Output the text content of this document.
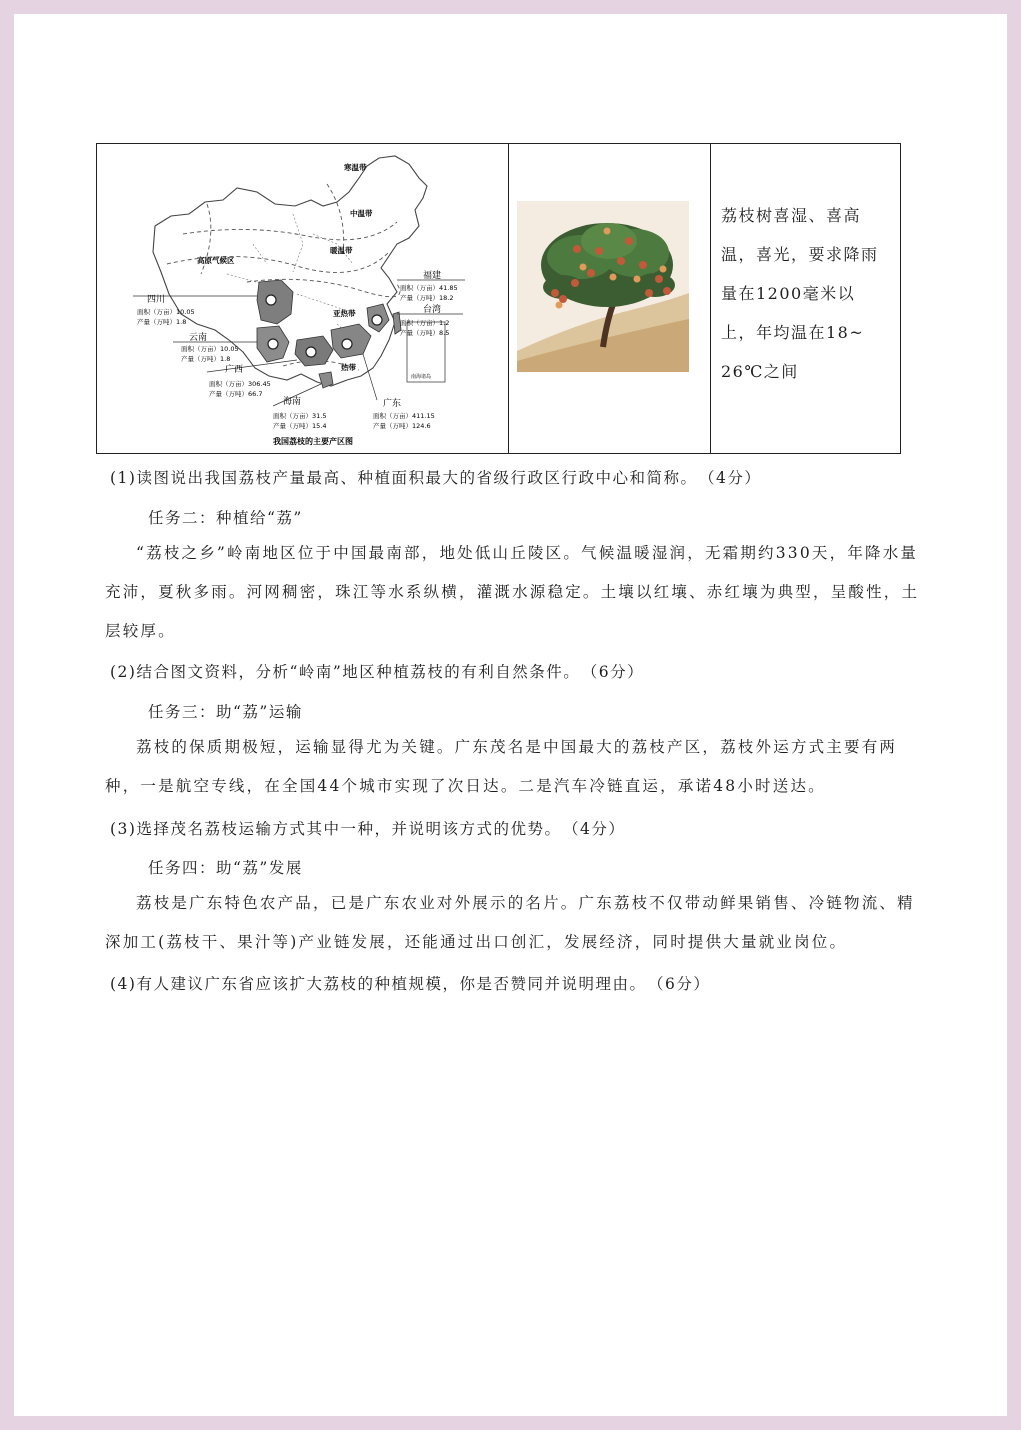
南海诸岛
寒温带
中温带
暖温带
高原气候区
亚热带
热带
四川
面积（万亩）10.05
产量（万吨）1.8
云南
面积（万亩）10.05
产量（万吨）1.8
广西
面积（万亩）306.45
产量（万吨）66.7
海南
面积（万亩）31.5
产量（万吨）15.4
福建
面积（万亩）41.85
产量（万吨）18.2
台湾
面积（万亩）1.2
产量（万吨）8.5
广东
面积（万亩）411.15
产量（万吨）124.6
我国荔枝的主要产区图

荔枝树喜湿、喜高

温，喜光，要求降雨

量在1200毫米以

上，年均温在18~

26℃之间

(1)读图说出我国荔枝产量最高、种植面积最大的省级行政区行政中心和简称。　（4分）

任务二：种植给“荔”

“荔枝之乡”岭南地区位于中国最南部，地处低山丘陵区。气候温暖湿润，无霜期约330天，年降水量充沛，夏秋多雨。河网稠密，珠江等水系纵横，灌溉水源稳定。土壤以红壤、赤红壤为典型，呈酸性，土层较厚。

(2)结合图文资料，分析“岭南”地区种植荔枝的有利自然条件。　（6分）

任务三：助“荔”运输

荔枝的保质期极短，运输显得尤为关键。广东茂名是中国最大的荔枝产区，荔枝外运方式主要有两种，一是航空专线，在全国44个城市实现了次日达。二是汽车冷链直运，承诺48小时送达。

(3)选择茂名荔枝运输方式其中一种，并说明该方式的优势。　（4分）

任务四：助“荔”发展

荔枝是广东特色农产品，已是广东农业对外展示的名片。广东荔枝不仅带动鲜果销售、冷链物流、精深加工(荔枝干、果汁等)产业链发展，还能通过出口创汇，发展经济，同时提供大量就业岗位。

(4)有人建议广东省应该扩大荔枝的种植规模，你是否赞同并说明理由。　（6分）
